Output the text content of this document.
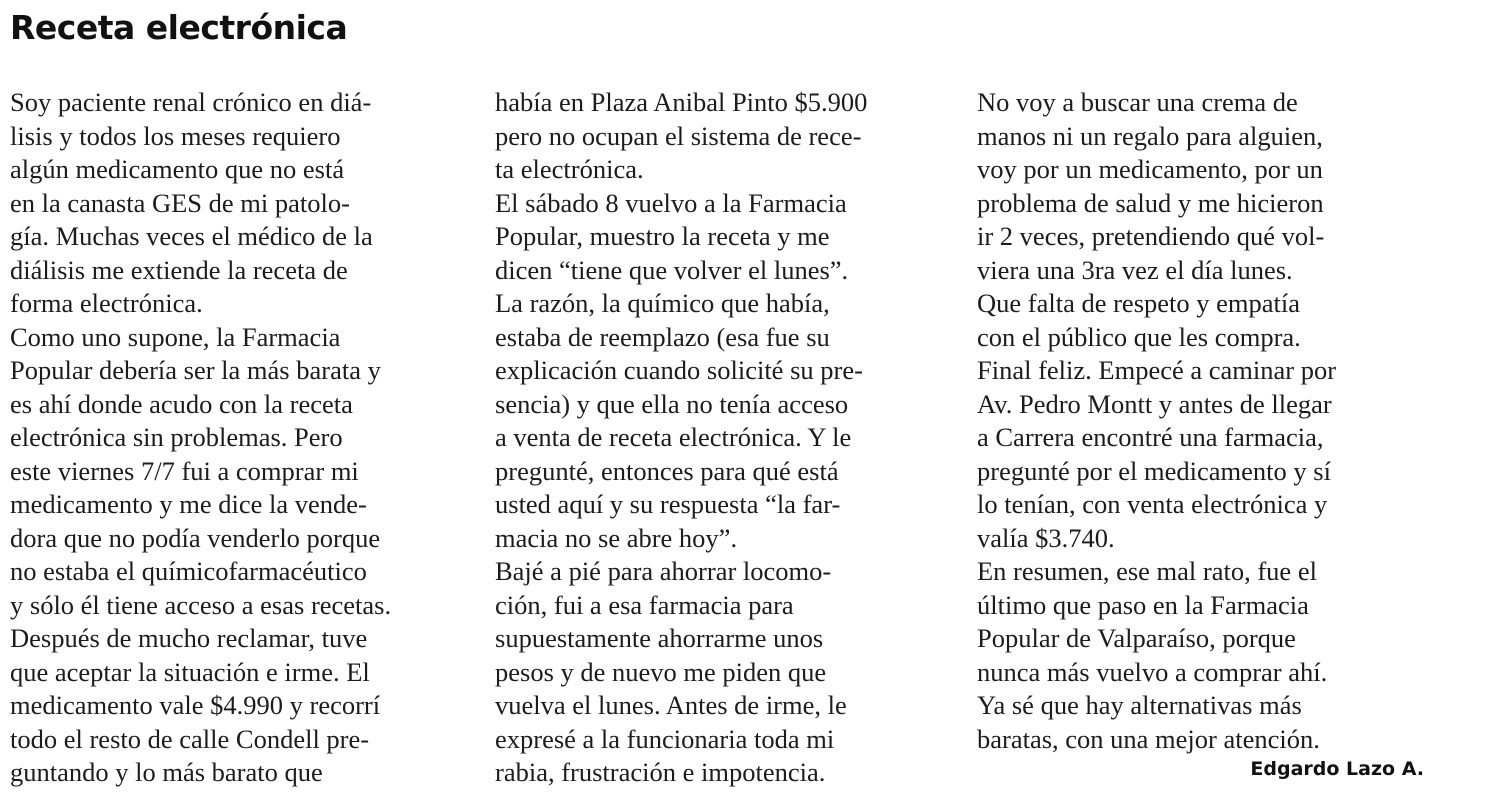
Receta electrónica
Soy paciente renal crónico en diá-
lisis y todos los meses requiero
algún medicamento que no está
en la canasta GES de mi patolo-
gía. Muchas veces el médico de la
diálisis me extiende la receta de
forma electrónica.
Como uno supone, la Farmacia
Popular debería ser la más barata y
es ahí donde acudo con la receta
electrónica sin problemas. Pero
este viernes 7/7 fui a comprar mi
medicamento y me dice la vende-
dora que no podía venderlo porque
no estaba el químicofarmacéutico
y sólo él tiene acceso a esas recetas.
Después de mucho reclamar, tuve
que aceptar la situación e irme. El
medicamento vale $4.990 y recorrí
todo el resto de calle Condell pre-
guntando y lo más barato que
había en Plaza Anibal Pinto $5.900
pero no ocupan el sistema de rece-
ta electrónica.
El sábado 8 vuelvo a la Farmacia
Popular, muestro la receta y me
dicen “tiene que volver el lunes”.
La razón, la químico que había,
estaba de reemplazo (esa fue su
explicación cuando solicité su pre-
sencia) y que ella no tenía acceso
a venta de receta electrónica. Y le
pregunté, entonces para qué está
usted aquí y su respuesta “la far-
macia no se abre hoy”.
Bajé a pié para ahorrar locomo-
ción, fui a esa farmacia para
supuestamente ahorrarme unos
pesos y de nuevo me piden que
vuelva el lunes. Antes de irme, le
expresé a la funcionaria toda mi
rabia, frustración e impotencia.
No voy a buscar una crema de
manos ni un regalo para alguien,
voy por un medicamento, por un
problema de salud y me hicieron
ir 2 veces, pretendiendo qué vol-
viera una 3ra vez el día lunes.
Que falta de respeto y empatía
con el público que les compra.
Final feliz. Empecé a caminar por
Av. Pedro Montt y antes de llegar
a Carrera encontré una farmacia,
pregunté por el medicamento y sí
lo tenían, con venta electrónica y
valía $3.740.
En resumen, ese mal rato, fue el
último que paso en la Farmacia
Popular de Valparaíso, porque
nunca más vuelvo a comprar ahí.
Ya sé que hay alternativas más
baratas, con una mejor atención.
Edgardo Lazo A.
